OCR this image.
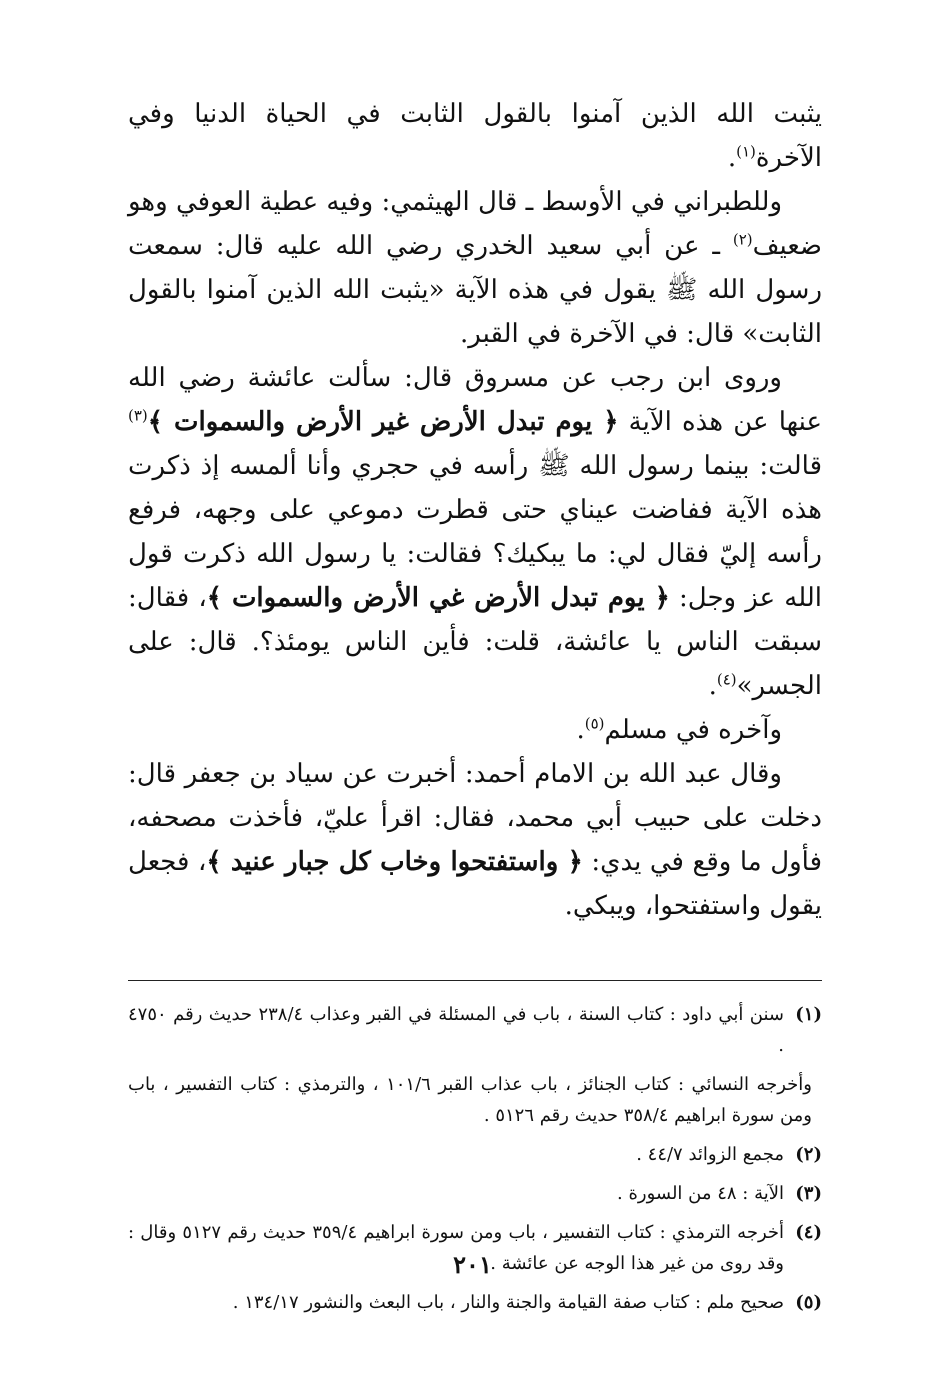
يثبت الله الذين آمنوا بالقول الثابت في الحياة الدنيا وفي الآخرة$^{(١)}$.

وللطبراني في الأوسط ـ قال الهيثمي: وفيه عطية العوفي وهو ضعيف$^{(٢)}$ ـ عن أبي سعيد الخدري رضي الله عليه قال: سمعت رسول الله ﷺ يقول في هذه الآية «يثبت الله الذين آمنوا بالقول الثابت» قال: في الآخرة في القبر.

وروى ابن رجب عن مسروق قال: سألت عائشة رضي الله عنها عن هذه الآية ﴿ يوم تبدل الأرض غير الأرض والسموات ﴾$^{(٣)}$ قالت: بينما رسول الله ﷺ رأسه في حجري وأنا ألمسه إذ ذكرت هذه الآية ففاضت عيناي حتى قطرت دموعي على وجهه، فرفع رأسه إليّ فقال لي: ما يبكيك؟ فقالت: يا رسول الله ذكرت قول الله عز وجل: ﴿ يوم تبدل الأرض غي الأرض والسموات ﴾، فقال: سبقت الناس يا عائشة، قلت: فأين الناس يومئذ؟. قال: على الجسر»$^{(٤)}$.

وآخره في مسلم$^{(٥)}$.

وقال عبد الله بن الامام أحمد: أخبرت عن سياد بن جعفر قال: دخلت على حبيب أبي محمد، فقال: اقرأ عليّ، فأخذت مصحفه، فأول ما وقع في يدي: ﴿ واستفتحوا وخاب كل جبار عنيد ﴾، فجعل يقول واستفتحوا، ويبكي.

(١)
سنن أبي داود : كتاب السنة ، باب في المسئلة في القبر وعذاب ٢٣٨/٤ حديث رقم ٤٧٥٠ .
وأخرجه النسائي : كتاب الجنائز ، باب عذاب القبر ١٠١/٦ ، والترمذي : كتاب التفسير ، باب ومن سورة ابراهيم ٣٥٨/٤ حديث رقم ٥١٢٦ .
(٢)
مجمع الزوائد ٤٤/٧ .
(٣)
الآية : ٤٨ من السورة .
(٤)
أخرجه الترمذي : كتاب التفسير ، باب ومن سورة ابراهيم ٣٥٩/٤ حديث رقم ٥١٢٧ وقال : وقد روى من غير هذا الوجه عن عائشة .
(٥)
صحيح ملم : كتاب صفة القيامة والجنة والنار ، باب البعث والنشور ١٣٤/١٧ .
٢٠١
